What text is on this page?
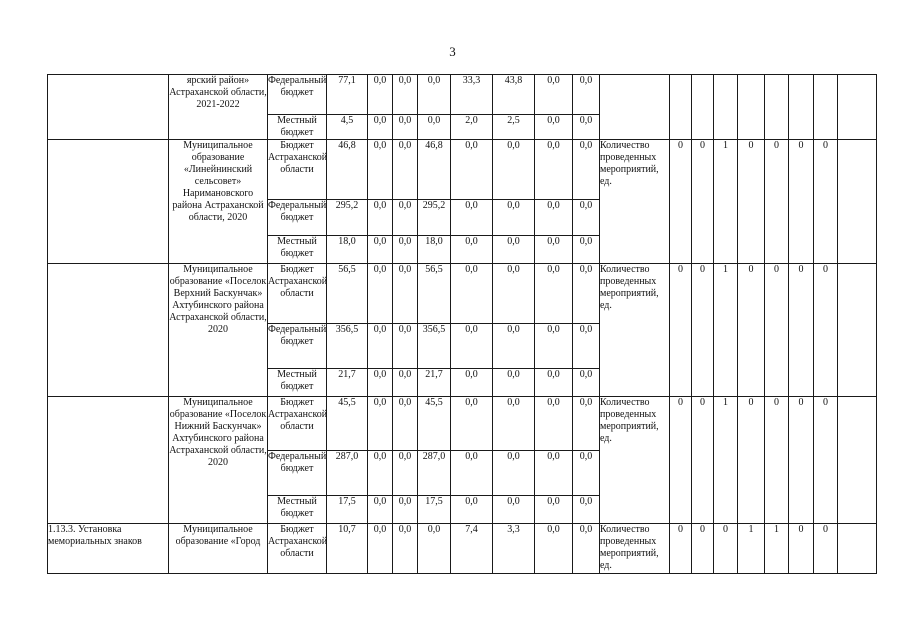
3
	ярский район» Астраханской области, 2021-2022	Федеральный бюджет	77,1	0,0	0,0	0,0	33,3	43,8	0,0	0,0									
		Местный бюджет	4,5	0,0	0,0	0,0	2,0	2,5	0,0	0,0									
	Муниципальное образование «Линейнинский сельсовет» Наримановского района Астраханской области, 2020	Бюджет Астраханской области	46,8	0,0	0,0	46,8	0,0	0,0	0,0	0,0	Количество проведенных мероприятий, ед.	0	0	1	0	0	0	0	
		Федеральный бюджет	295,2	0,0	0,0	295,2	0,0	0,0	0,0	0,0									
		Местный бюджет	18,0	0,0	0,0	18,0	0,0	0,0	0,0	0,0									
	Муниципальное образование «Поселок Верхний Баскунчак» Ахтубинского района Астраханской области, 2020	Бюджет Астраханской области	56,5	0,0	0,0	56,5	0,0	0,0	0,0	0,0	Количество проведенных мероприятий, ед.	0	0	1	0	0	0	0	
		Федеральный бюджет	356,5	0,0	0,0	356,5	0,0	0,0	0,0	0,0									
		Местный бюджет	21,7	0,0	0,0	21,7	0,0	0,0	0,0	0,0									
	Муниципальное образование «Поселок Нижний Баскунчак» Ахтубинского района Астраханской области, 2020	Бюджет Астраханской области	45,5	0,0	0,0	45,5	0,0	0,0	0,0	0,0	Количество проведенных мероприятий, ед.	0	0	1	0	0	0	0	
		Федеральный бюджет	287,0	0,0	0,0	287,0	0,0	0,0	0,0	0,0									
		Местный бюджет	17,5	0,0	0,0	17,5	0,0	0,0	0,0	0,0									
1.13.3. Установка мемориальных знаков	Муниципальное образование «Город	Бюджет Астраханской области	10,7	0,0	0,0	0,0	7,4	3,3	0,0	0,0	Количество проведенных мероприятий, ед.	0	0	0	1	1	0	0	
